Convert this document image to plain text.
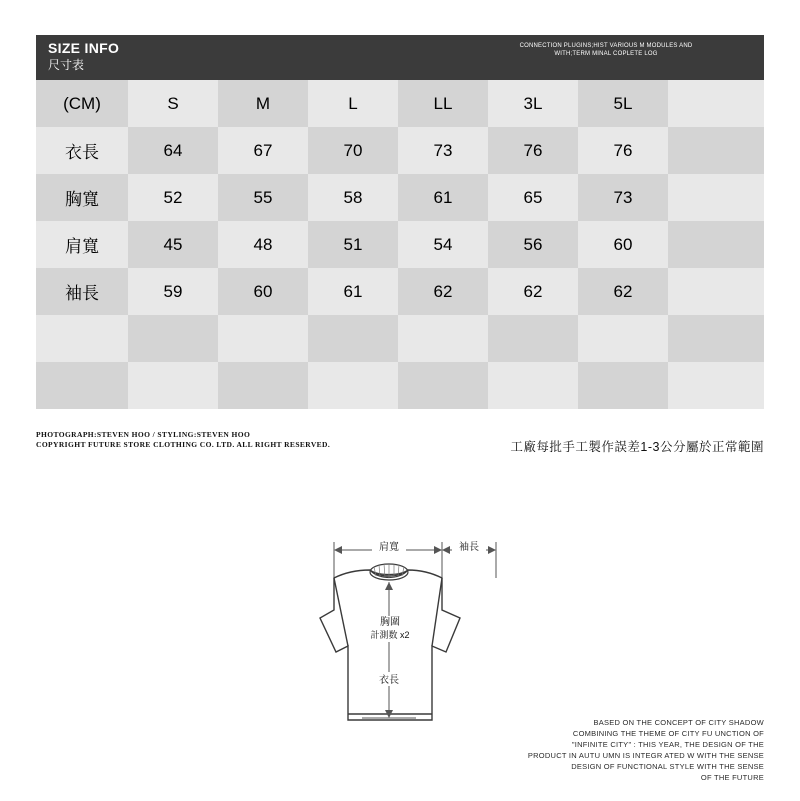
SIZE INFO
尺寸表
CONNECTION PLUGINS;HIST VARIOUS M MODULES AND
WITH;TERM MINAL COPLETE LOG
(CM)	S	M	L	LL	3L	5L	
衣長	64	67	70	73	76	76	
胸寬	52	55	58	61	65	73	
肩寬	45	48	51	54	56	60	
袖長	59	60	61	62	62	62	

PHOTOGRAPH:STEVEN HOO / STYLING:STEVEN HOO
COPYRIGHT FUTURE STORE CLOTHING CO. LTD. ALL RIGHT RESERVED.	工廠每批手工製作誤差1-3公分屬於正常範圍
肩寬	袖長
胸圍
計測数 x2
衣長
BASED ON THE CONCEPT OF CITY SHADOW
COMBINING THE THEME OF CITY FU UNCTION OF
"INFINITE CITY" : THIS YEAR, THE DESIGN OF THE
PRODUCT IN AUTU UMN IS INTEGR ATED W WITH THE SENSE
DESIGN OF FUNCTIONAL STYLE WITH THE SENSE
OF THE FUTURE
